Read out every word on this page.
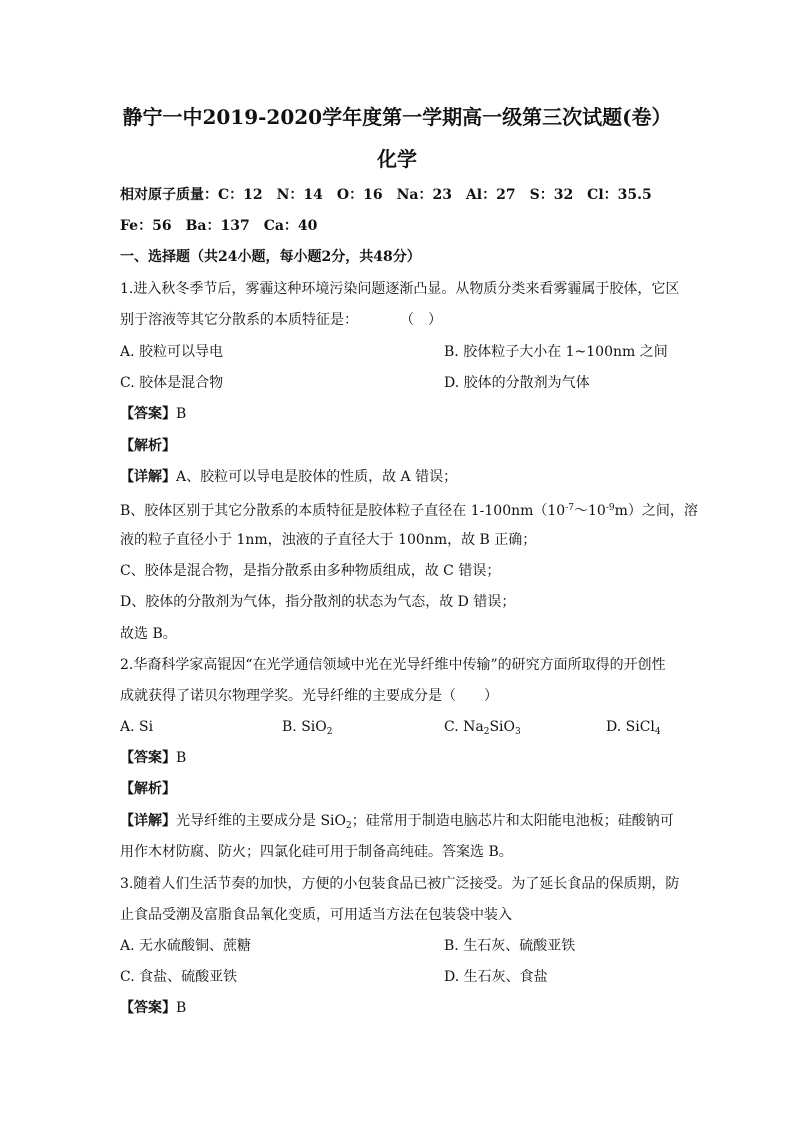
静宁一中2019-2020学年度第一学期高一级第三次试题(卷）
化学
相对原子质量：C：12　N：14　O：16　Na：23　Al：27　S：32　Cl：35.5
Fe：56　Ba：137　Ca：40
一、选择题（共24小题，每小题2分，共48分）
1.进入秋冬季节后，雾霾这种环境污染问题逐渐凸显。从物质分类来看雾霾属于胶体，它区
别于溶液等其它分散系的本质特征是：　　　　（　）
A. 胶粒可以导电	B. 胶体粒子大小在 1~100nm 之间
C. 胶体是混合物	D. 胶体的分散剂为气体
【答案】B
【解析】
【详解】A、胶粒可以导电是胶体的性质，故 A 错误；
B、胶体区别于其它分散系的本质特征是胶体粒子直径在 $1-100nm(10^{-7}\sim 10^{-9}m)$之间，溶
液的粒子直径小于 1nm，浊液的子直径大于 100nm，故 B 正确；
C、胶体是混合物，是指分散系由多种物质组成，故 C 错误；
D、胶体的分散剂为气体，指分散剂的状态为气态，故 D 错误；
故选 B。
2.华裔科学家高锟因“在光学通信领域中光在光导纤维中传输”的研究方面所取得的开创性
成就获得了诺贝尔物理学奖。光导纤维的主要成分是（　　）
A. Si	B. SiO$_2$	C. $Na_2SiO_3$	D. SiCl$_4$
【答案】B
【解析】
【详解】光导纤维的主要成分是 SiO$_2$；硅常用于制造电脑芯片和太阳能电池板；硅酸钠可
用作木材防腐、防火；四氯化硅可用于制备高纯硅。答案选 B。
3.随着人们生活节奏的加快，方便的小包装食品已被广泛接受。为了延长食品的保质期，防
止食品受潮及富脂食品氧化变质，可用适当方法在包装袋中装入
A. 无水硫酸铜、蔗糖	B. 生石灰、硫酸亚铁
C. 食盐、硫酸亚铁	D. 生石灰、食盐
【答案】B
